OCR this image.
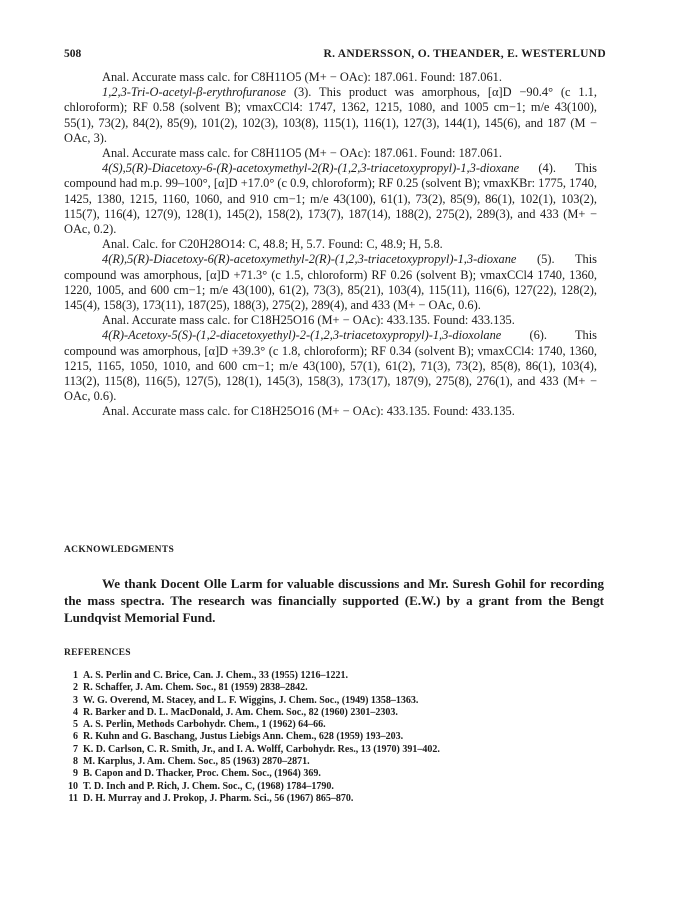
508	R. ANDERSSON, O. THEANDER, E. WESTERLUND

Anal. Accurate mass calc. for C8H11O5 (M+ − OAc): 187.061. Found: 187.061.

1,2,3-Tri-O-acetyl-β-erythrofuranose (3). This product was amorphous, [α]D −90.4° (c 1.1, chloroform); RF 0.58 (solvent B); νmaxCCl4: 1747, 1362, 1215, 1080, and 1005 cm−1; m/e 43(100), 55(1), 73(2), 84(2), 85(9), 101(2), 102(3), 103(8), 115(1), 116(1), 127(3), 144(1), 145(6), and 187 (M − OAc, 3).

Anal. Accurate mass calc. for C8H11O5 (M+ − OAc): 187.061. Found: 187.061.

4(S),5(R)-Diacetoxy-6-(R)-acetoxymethyl-2(R)-(1,2,3-triacetoxypropyl)-1,3-dioxane (4). This compound had m.p. 99–100°, [α]D +17.0° (c 0.9, chloroform); RF 0.25 (solvent B); νmaxKBr: 1775, 1740, 1425, 1380, 1215, 1160, 1060, and 910 cm−1; m/e 43(100), 61(1), 73(2), 85(9), 86(1), 102(1), 103(2), 115(7), 116(4), 127(9), 128(1), 145(2), 158(2), 173(7), 187(14), 188(2), 275(2), 289(3), and 433 (M+ − OAc, 0.2).

Anal. Calc. for C20H28O14: C, 48.8; H, 5.7. Found: C, 48.9; H, 5.8.

4(R),5(R)-Diacetoxy-6(R)-acetoxymethyl-2(R)-(1,2,3-triacetoxypropyl)-1,3-dioxane (5). This compound was amorphous, [α]D +71.3° (c 1.5, chloroform) RF 0.26 (solvent B); νmaxCCl4 1740, 1360, 1220, 1005, and 600 cm−1; m/e 43(100), 61(2), 73(3), 85(21), 103(4), 115(11), 116(6), 127(22), 128(2), 145(4), 158(3), 173(11), 187(25), 188(3), 275(2), 289(4), and 433 (M+ − OAc, 0.6).

Anal. Accurate mass calc. for C18H25O16 (M+ − OAc): 433.135. Found: 433.135.

4(R)-Acetoxy-5(S)-(1,2-diacetoxyethyl)-2-(1,2,3-triacetoxypropyl)-1,3-dioxolane (6). This compound was amorphous, [α]D +39.3° (c 1.8, chloroform); RF 0.34 (solvent B); νmaxCCl4: 1740, 1360, 1215, 1165, 1050, 1010, and 600 cm−1; m/e 43(100), 57(1), 61(2), 71(3), 73(2), 85(8), 86(1), 103(4), 113(2), 115(8), 116(5), 127(5), 128(1), 145(3), 158(3), 173(17), 187(9), 275(8), 276(1), and 433 (M+ − OAc, 0.6).

Anal. Accurate mass calc. for C18H25O16 (M+ − OAc): 433.135. Found: 433.135.

ACKNOWLEDGMENTS

We thank Docent Olle Larm for valuable discussions and Mr. Suresh Gohil for recording the mass spectra. The research was financially supported (E.W.) by a grant from the Bengt Lundqvist Memorial Fund.

REFERENCES
1 A. S. Perlin and C. Brice, Can. J. Chem., 33 (1955) 1216–1221.
2 R. Schaffer, J. Am. Chem. Soc., 81 (1959) 2838–2842.
3 W. G. Overend, M. Stacey, and L. F. Wiggins, J. Chem. Soc., (1949) 1358–1363.
4 R. Barker and D. L. MacDonald, J. Am. Chem. Soc., 82 (1960) 2301–2303.
5 A. S. Perlin, Methods Carbohydr. Chem., 1 (1962) 64–66.
6 R. Kuhn and G. Baschang, Justus Liebigs Ann. Chem., 628 (1959) 193–203.
7 K. D. Carlson, C. R. Smith, Jr., and I. A. Wolff, Carbohydr. Res., 13 (1970) 391–402.
8 M. Karplus, J. Am. Chem. Soc., 85 (1963) 2870–2871.
9 B. Capon and D. Thacker, Proc. Chem. Soc., (1964) 369.
10 T. D. Inch and P. Rich, J. Chem. Soc., C, (1968) 1784–1790.
11 D. H. Murray and J. Prokop, J. Pharm. Sci., 56 (1967) 865–870.
